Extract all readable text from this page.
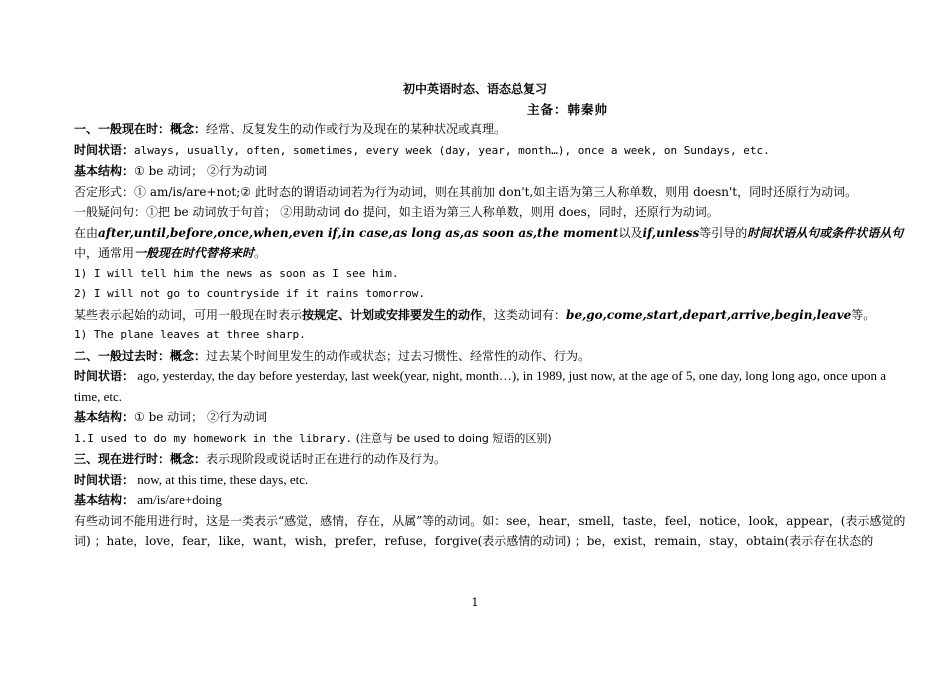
初中英语时态、语态总复习
主备：韩秦帅
一、一般现在时：概念：经常、反复发生的动作或行为及现在的某种状况或真理。
时间状语：always, usually, often, sometimes, every week (day, year, month…), once a week, on Sundays, etc.
基本结构：① be 动词； ②行为动词
否定形式：① am/is/are+not;② 此时态的谓语动词若为行为动词，则在其前加 don't,如主语为第三人称单数，则用 doesn't，同时还原行为动词。
一般疑问句：①把 be 动词放于句首； ②用助动词 do 提问，如主语为第三人称单数，则用 does，同时，还原行为动词。
在由after,until,before,once,when,even if,in case,as long as,as soon as,the moment以及if,unless等引导的时间状语从句或条件状语从句中，通常用一般现在时代替将来时。
1) I will tell him the news as soon as I see him.
2) I will not go to countryside if it rains tomorrow.
某些表示起始的动词，可用一般现在时表示按规定、计划或安排要发生的动作，这类动词有：be,go,come,start,depart,arrive,begin,leave等。
1) The plane leaves at three sharp.
二、一般过去时：概念：过去某个时间里发生的动作或状态；过去习惯性、经常性的动作、行为。
时间状语： ago, yesterday, the day before yesterday, last week(year, night, month…), in 1989, just now, at the age of 5, one day, long long ago, once upon a time, etc.
基本结构：① be 动词； ②行为动词
1.I used to do my homework in the library. (注意与 be used to doing 短语的区别)
三、现在进行时：概念：表示现阶段或说话时正在进行的动作及行为。
时间状语： now, at this time, these days, etc.
基本结构： am/is/are+doing
有些动词不能用进行时，这是一类表示“感觉，感情，存在，从属”等的动词。如：see，hear，smell，taste，feel，notice，look，appear，(表示感觉的词) ；hate，love，fear，like，want，wish，prefer，refuse，forgive(表示感情的动词) ；be，exist，remain，stay，obtain(表示存在状态的
1
